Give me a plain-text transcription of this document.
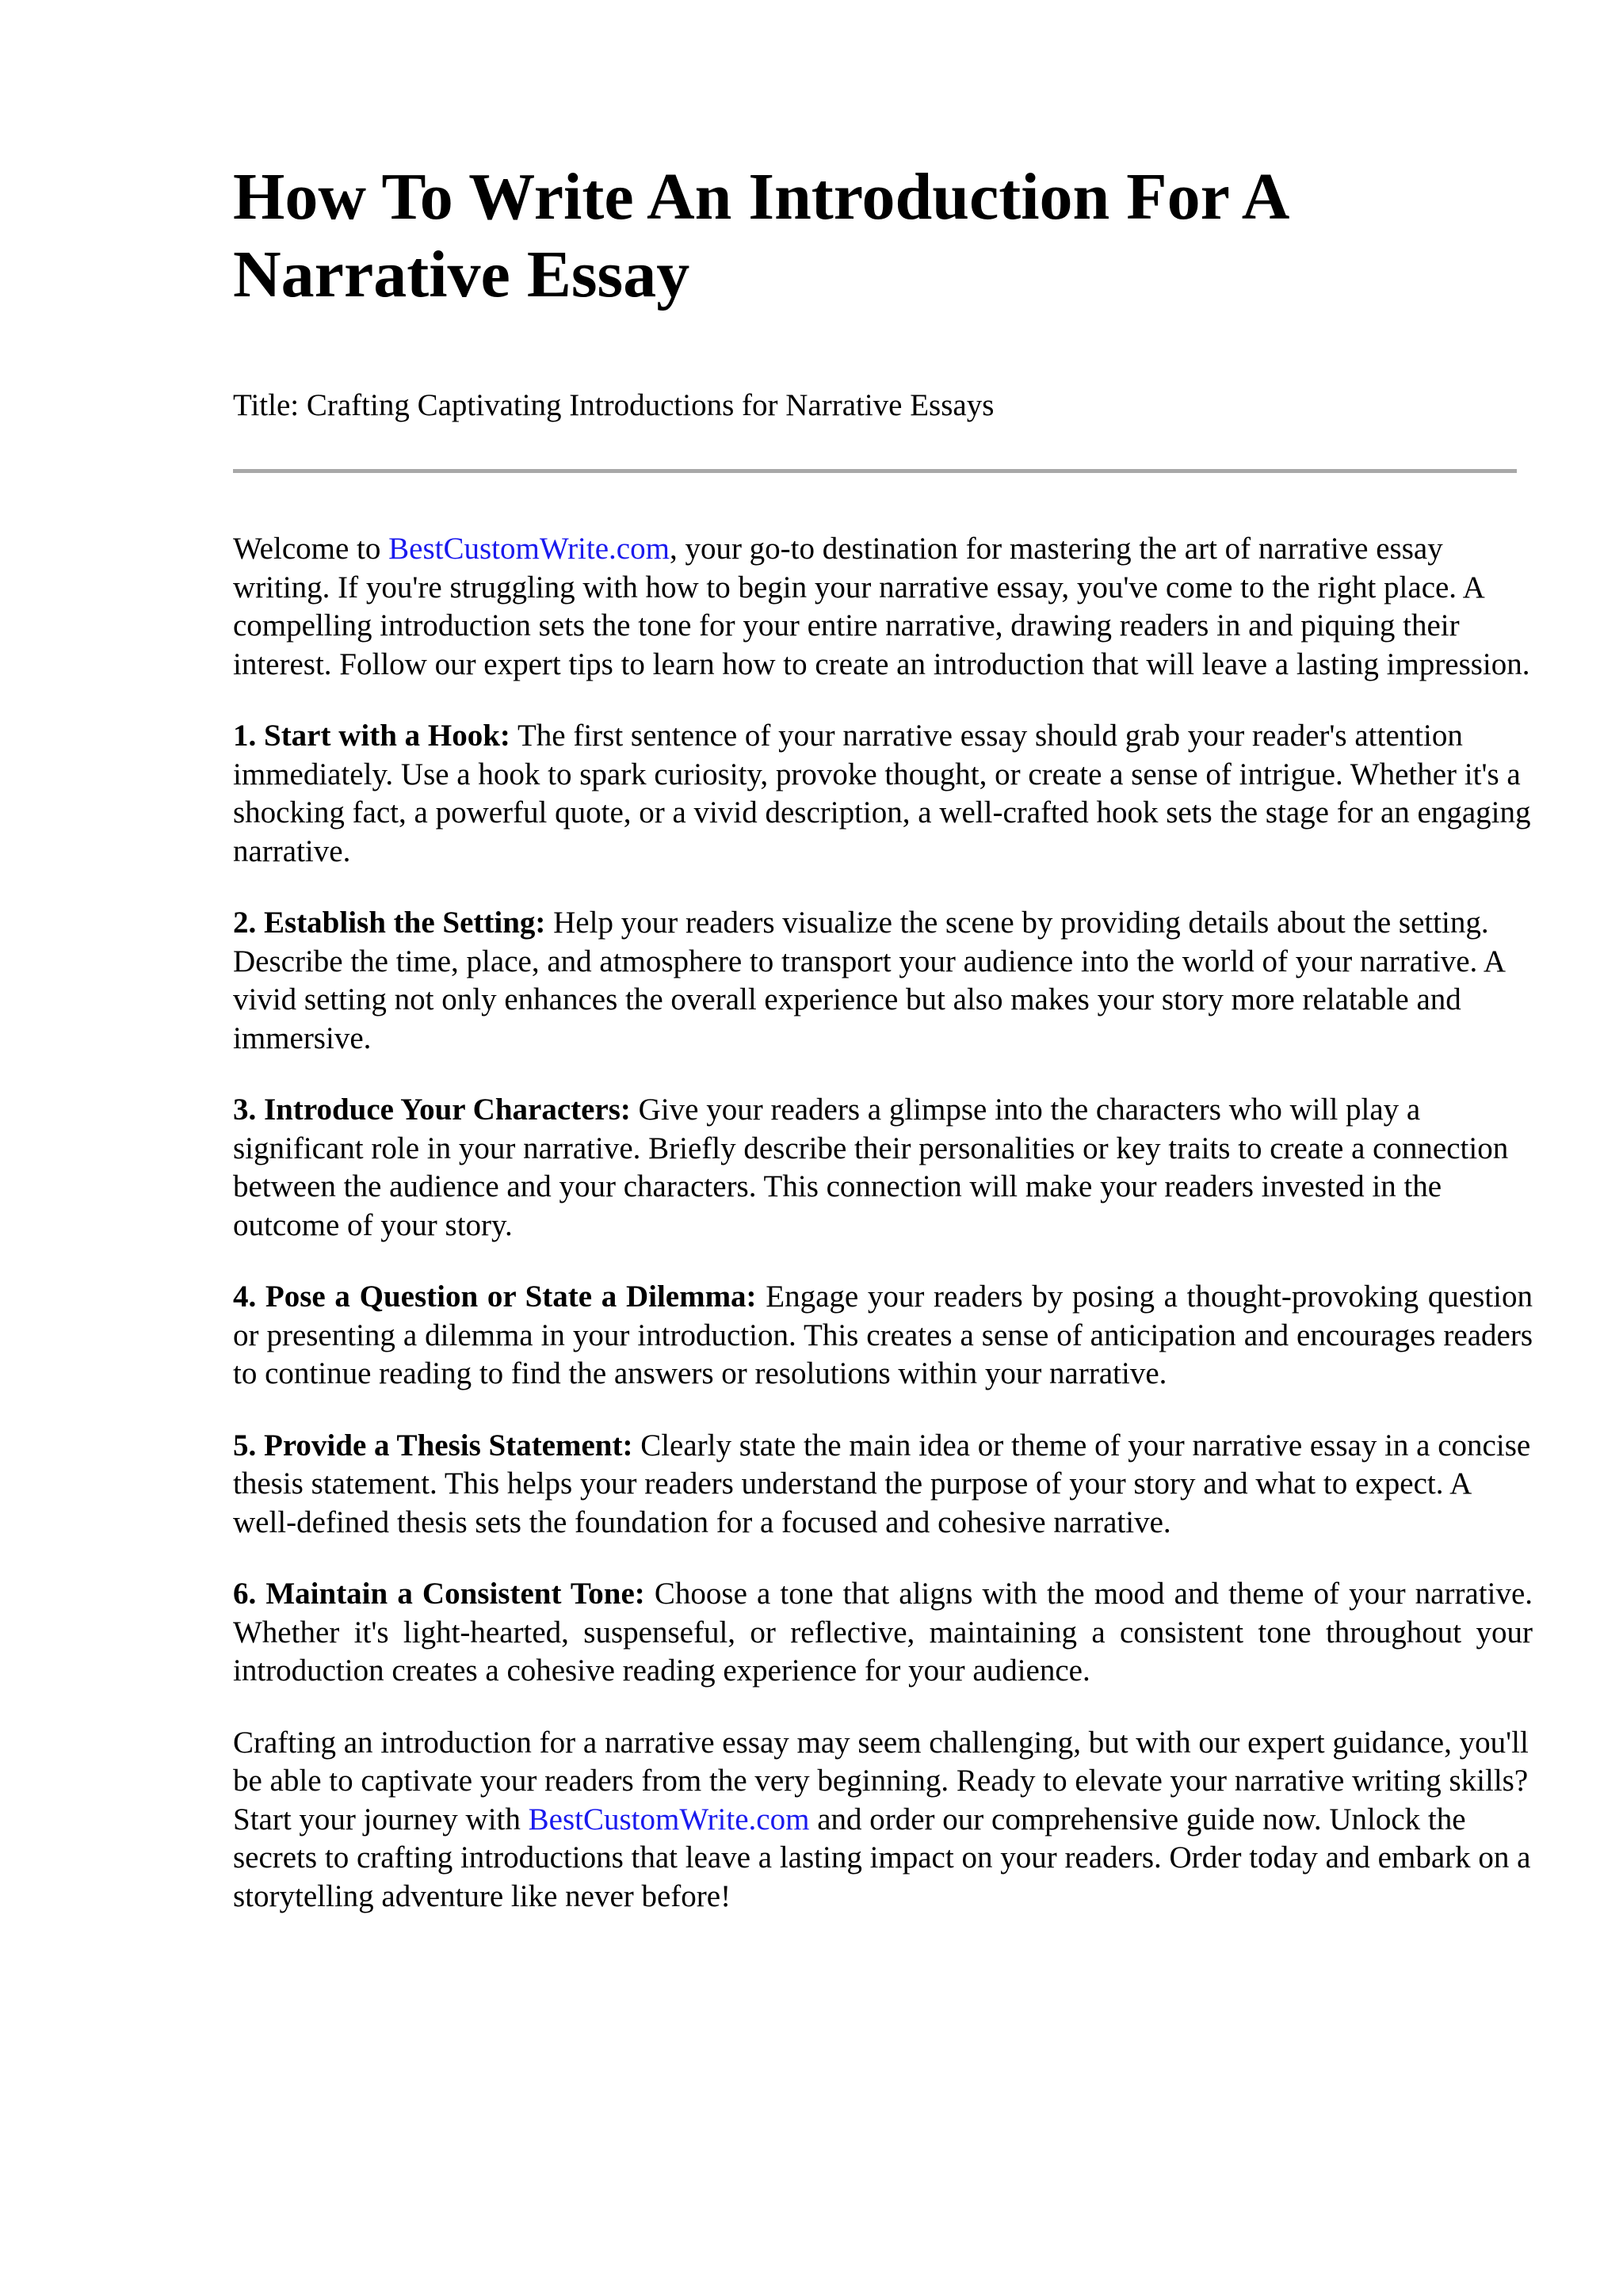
How To Write An Introduction For A Narrative Essay
Title: Crafting Captivating Introductions for Narrative Essays

Welcome to BestCustomWrite.com, your go-to destination for mastering the art of narrative essay writing. If you're struggling with how to begin your narrative essay, you've come to the right place. A compelling introduction sets the tone for your entire narrative, drawing readers in and piquing their interest. Follow our expert tips to learn how to create an introduction that will leave a lasting impression.

1. Start with a Hook: The first sentence of your narrative essay should grab your reader's attention immediately. Use a hook to spark curiosity, provoke thought, or create a sense of intrigue. Whether it's a shocking fact, a powerful quote, or a vivid description, a well-crafted hook sets the stage for an engaging narrative.

2. Establish the Setting: Help your readers visualize the scene by providing details about the setting. Describe the time, place, and atmosphere to transport your audience into the world of your narrative. A vivid setting not only enhances the overall experience but also makes your story more relatable and immersive.

3. Introduce Your Characters: Give your readers a glimpse into the characters who will play a significant role in your narrative. Briefly describe their personalities or key traits to create a connection between the audience and your characters. This connection will make your readers invested in the outcome of your story.

4. Pose a Question or State a Dilemma: Engage your readers by posing a thought-provoking question or presenting a dilemma in your introduction. This creates a sense of anticipation and encourages readers to continue reading to find the answers or resolutions within your narrative.

5. Provide a Thesis Statement: Clearly state the main idea or theme of your narrative essay in a concise thesis statement. This helps your readers understand the purpose of your story and what to expect. A well-defined thesis sets the foundation for a focused and cohesive narrative.

6. Maintain a Consistent Tone: Choose a tone that aligns with the mood and theme of your narrative. Whether it's light-hearted, suspenseful, or reflective, maintaining a consistent tone throughout your introduction creates a cohesive reading experience for your audience.

Crafting an introduction for a narrative essay may seem challenging, but with our expert guidance, you'll be able to captivate your readers from the very beginning. Ready to elevate your narrative writing skills? Start your journey with BestCustomWrite.com and order our comprehensive guide now. Unlock the secrets to crafting introductions that leave a lasting impact on your readers. Order today and embark on a storytelling adventure like never before!
